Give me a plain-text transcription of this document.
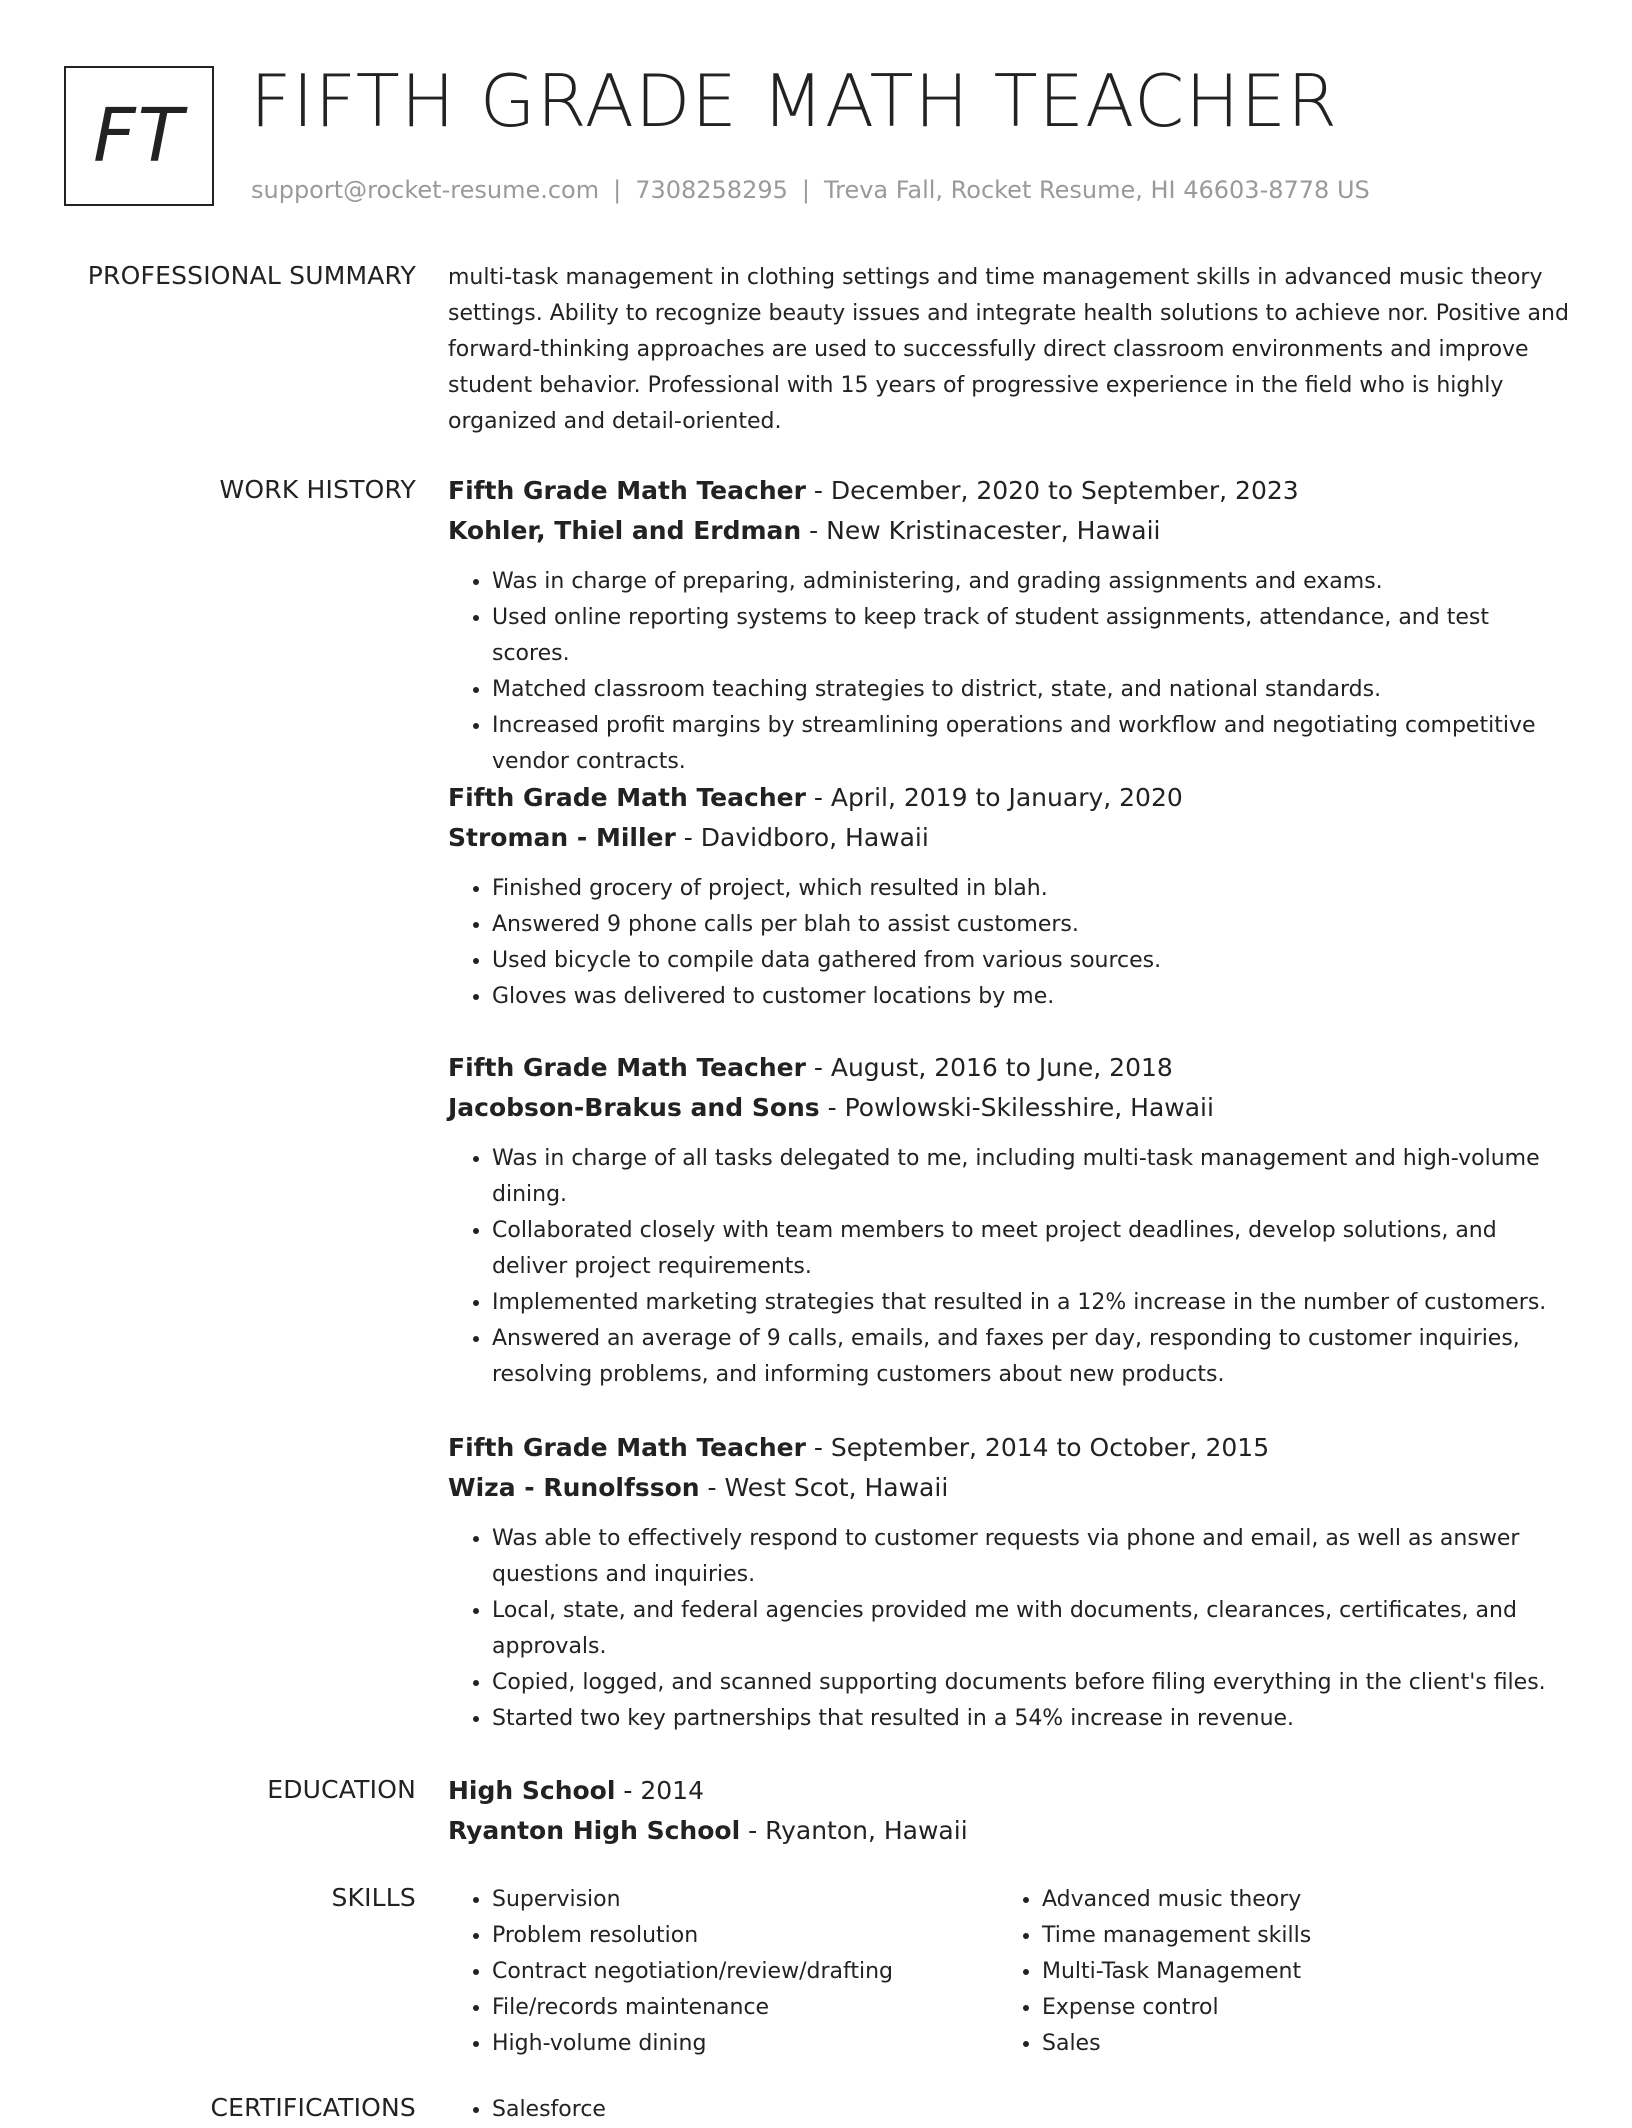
FT FIFTH GRADE MATH TEACHER
support@rocket-resume.com | 7308258295 | Treva Fall, Rocket Resume, HI 46603-8778 US
PROFESSIONAL SUMMARY multi-task management in clothing settings and time management skills in advanced music theory settings. Ability to recognize beauty issues and integrate health solutions to achieve nor. Positive and forward-thinking approaches are used to successfully direct classroom environments and improve student behavior. Professional with 15 years of progressive experience in the field who is highly organized and detail-oriented.
WORK HISTORY Fifth Grade Math Teacher - December, 2020 to September, 2023
Kohler, Thiel and Erdman - New Kristinacester, Hawaii
• Was in charge of preparing, administering, and grading assignments and exams.
• Used online reporting systems to keep track of student assignments, attendance, and test scores.
• Matched classroom teaching strategies to district, state, and national standards.
• Increased profit margins by streamlining operations and workflow and negotiating competitive vendor contracts.
Fifth Grade Math Teacher - April, 2019 to January, 2020
Stroman - Miller - Davidboro, Hawaii
• Finished grocery of project, which resulted in blah.
• Answered 9 phone calls per blah to assist customers.
• Used bicycle to compile data gathered from various sources.
• Gloves was delivered to customer locations by me.
Fifth Grade Math Teacher - August, 2016 to June, 2018
Jacobson-Brakus and Sons - Powlowski-Skilesshire, Hawaii
• Was in charge of all tasks delegated to me, including multi-task management and high-volume dining.
• Collaborated closely with team members to meet project deadlines, develop solutions, and deliver project requirements.
• Implemented marketing strategies that resulted in a 12% increase in the number of customers.
• Answered an average of 9 calls, emails, and faxes per day, responding to customer inquiries, resolving problems, and informing customers about new products.
Fifth Grade Math Teacher - September, 2014 to October, 2015
Wiza - Runolfsson - West Scot, Hawaii
• Was able to effectively respond to customer requests via phone and email, as well as answer questions and inquiries.
• Local, state, and federal agencies provided me with documents, clearances, certificates, and approvals.
• Copied, logged, and scanned supporting documents before filing everything in the client's files.
• Started two key partnerships that resulted in a 54% increase in revenue.
EDUCATION High School - 2014
Ryanton High School - Ryanton, Hawaii
SKILLS	• Supervision
• Problem resolution
• Contract negotiation/review/drafting
• File/records maintenance
• High-volume dining
• Advanced music theory
• Time management skills
• Multi-Task Management
• Expense control
• Sales
CERTIFICATIONS	• Salesforce
